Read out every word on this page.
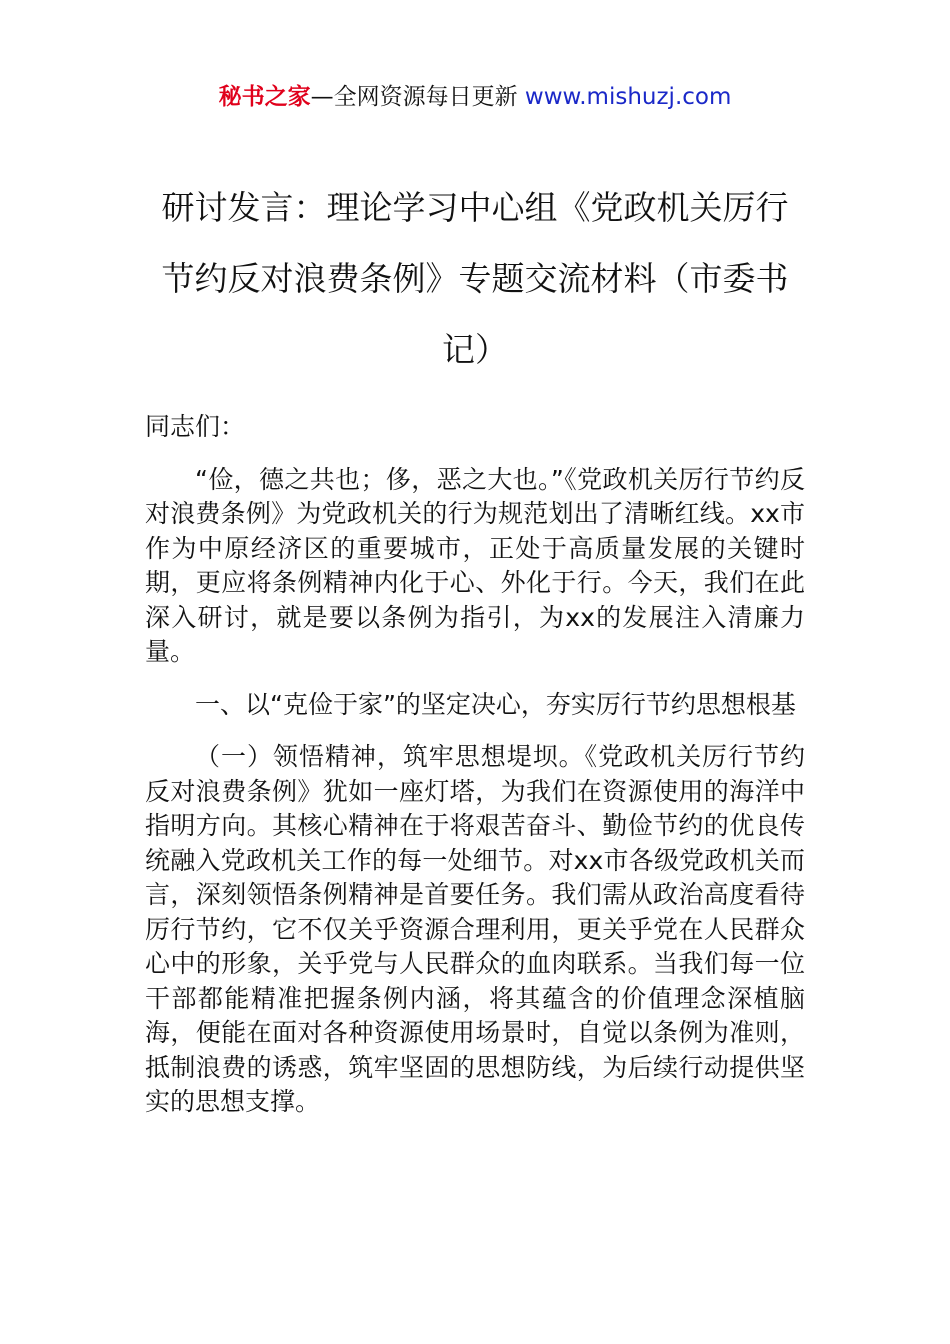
秘书之家—全网资源每日更新 www.mishuzj.com
研讨发言：理论学习中心组《党政机关厉行节约反对浪费条例》专题交流材料（市委书记）

同志们：

“俭，德之共也；侈，恶之大也。”《党政机关厉行节约反对浪费条例》为党政机关的行为规范划出了清晰红线。xx市作为中原经济区的重要城市，正处于高质量发展的关键时期，更应将条例精神内化于心、外化于行。今天，我们在此深入研讨，就是要以条例为指引，为xx的发展注入清廉力量。

一、以“克俭于家”的坚定决心，夯实厉行节约思想根基

（一）领悟精神，筑牢思想堤坝。《党政机关厉行节约反对浪费条例》犹如一座灯塔，为我们在资源使用的海洋中指明方向。其核心精神在于将艰苦奋斗、勤俭节约的优良传统融入党政机关工作的每一处细节。对xx市各级党政机关而言，深刻领悟条例精神是首要任务。我们需从政治高度看待厉行节约，它不仅关乎资源合理利用，更关乎党在人民群众心中的形象，关乎党与人民群众的血肉联系。当我们每一位干部都能精准把握条例内涵，将其蕴含的价值理念深植脑海，便能在面对各种资源使用场景时，自觉以条例为准则，抵制浪费的诱惑，筑牢坚固的思想防线，为后续行动提供坚实的思想支撑。
